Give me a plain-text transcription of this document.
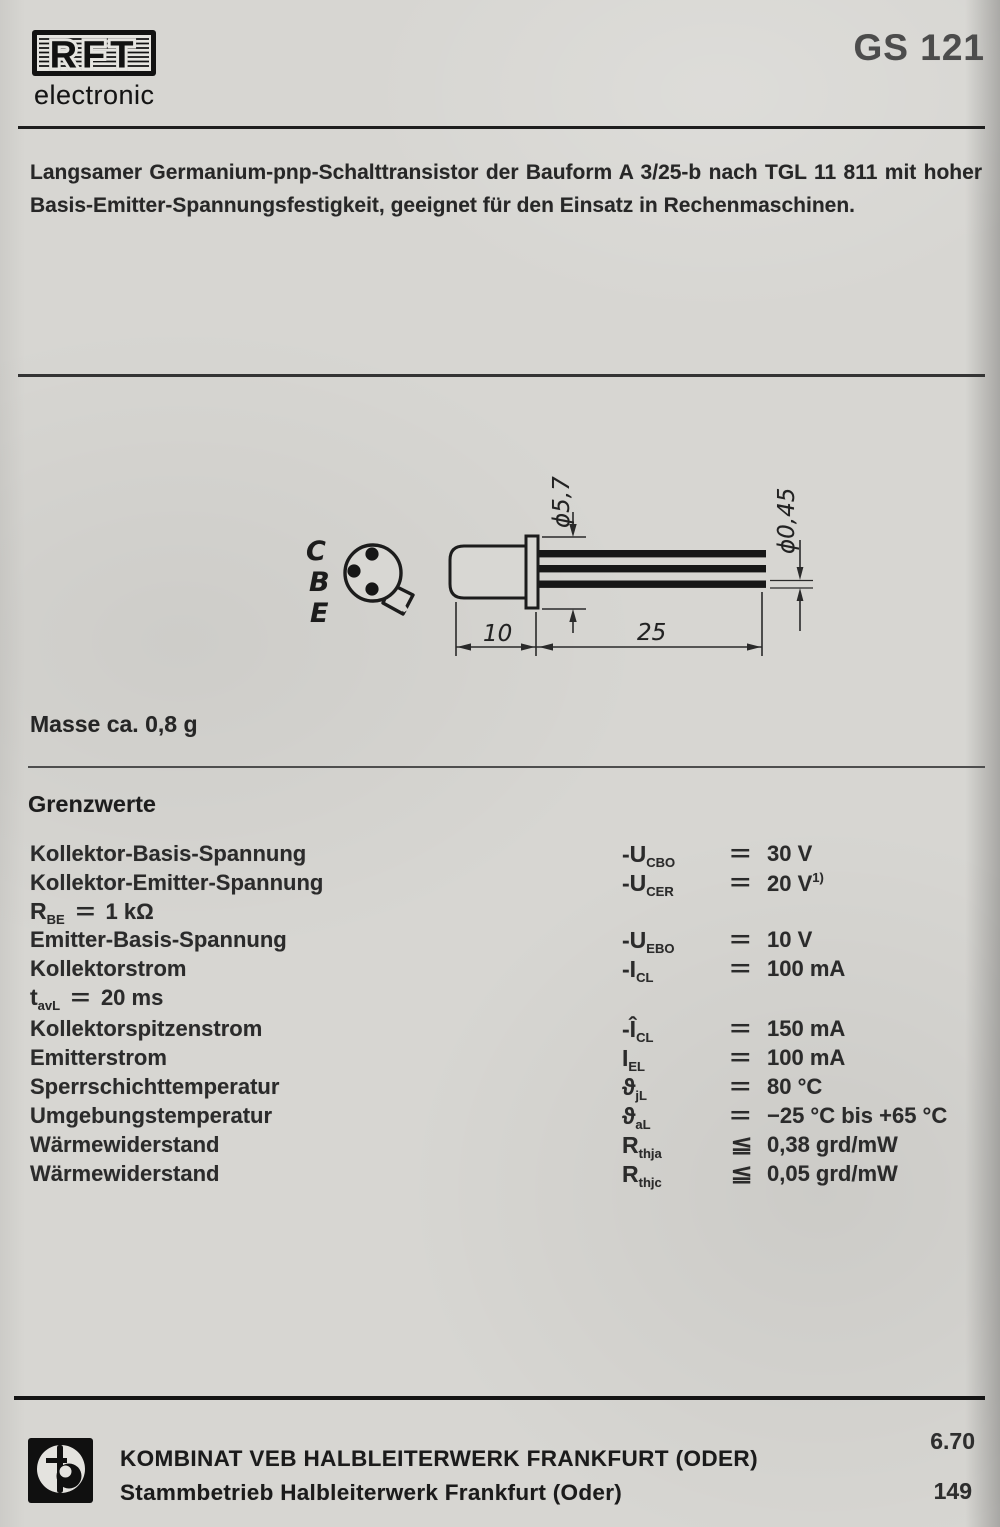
RFT
electronic
GS 121

Langsamer Germanium-pnp-Schalttransistor der Bauform A 3/25-b nach TGL 11 811 mit hoher Basis-Emitter-Spannungsfestigkeit, geeignet für den Einsatz in Rechenmaschinen.

C
B
E
ϕ5,7	ϕ0,45
10	25
Masse ca. 0,8 g
Grenzwerte
Kollektor-Basis-Spannung	$-U_{CBO} = 30$ V
Kollektor-Emitter-Spannung	$-U_{CER}$	= 20 V$^{1)}$
$R_{BE} = 1$ kΩ
Emitter-Basis-Spannung	$-U_{EBO}$	= 10 V
Kollektorstrom	$-I_{CL}$	= 100 mA
$t_{avL} = 20$ ms
Kollektorspitzenstrom	$-Î_{CL}$	= 150 mA
Emitterstrom	$I_{EL}$	= 100 mA
Sperrschichttemperatur	$ϑ_{jL}$	= 80 °C
Umgebungstemperatur	$ϑ_{aL}$	= −25 °C bis +65 °C
Wärmewiderstand	$R_{thja}$	≦ 0,38 grd/mW
Wärmewiderstand	$R_{thjc}$	≦ 0,05 grd/mW
KOMBINAT VEB HALBLEITERWERK FRANKFURT (ODER)
Stammbetrieb Halbleiterwerk Frankfurt (Oder)
6.70
149
